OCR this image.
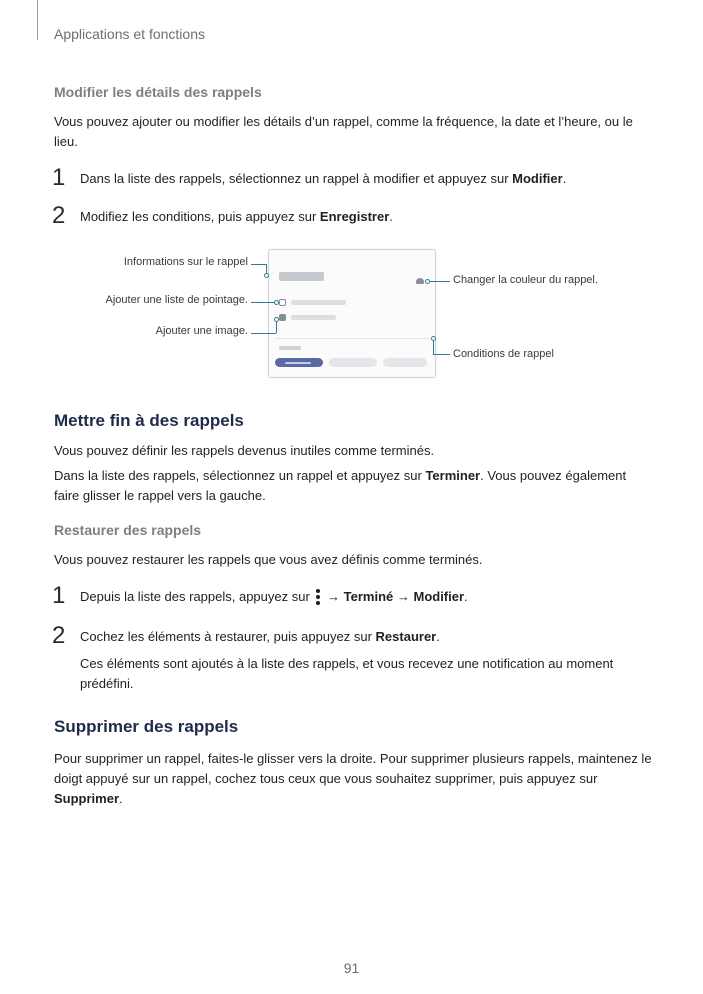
Applications et fonctions
Modifier les détails des rappels
Vous pouvez ajouter ou modifier les détails d’un rappel, comme la fréquence, la date et l’heure, ou le lieu.
1 Dans la liste des rappels, sélectionnez un rappel à modifier et appuyez sur Modifier.
2 Modifiez les conditions, puis appuyez sur Enregistrer.
Informations sur le rappel
Ajouter une liste de pointage.
Ajouter une image.
Changer la couleur du rappel.
Conditions de rappel
Mettre fin à des rappels
Vous pouvez définir les rappels devenus inutiles comme terminés.
Dans la liste des rappels, sélectionnez un rappel et appuyez sur Terminer. Vous pouvez également faire glisser le rappel vers la gauche.
Restaurer des rappels
Vous pouvez restaurer les rappels que vous avez définis comme terminés.
1 Depuis la liste des rappels, appuyez sur
→ Terminé → Modifier.
2 Cochez les éléments à restaurer, puis appuyez sur Restaurer.
Ces éléments sont ajoutés à la liste des rappels, et vous recevez une notification au moment prédéfini.
Supprimer des rappels
Pour supprimer un rappel, faites-le glisser vers la droite. Pour supprimer plusieurs rappels, maintenez le doigt appuyé sur un rappel, cochez tous ceux que vous souhaitez supprimer, puis appuyez sur Supprimer.
91
